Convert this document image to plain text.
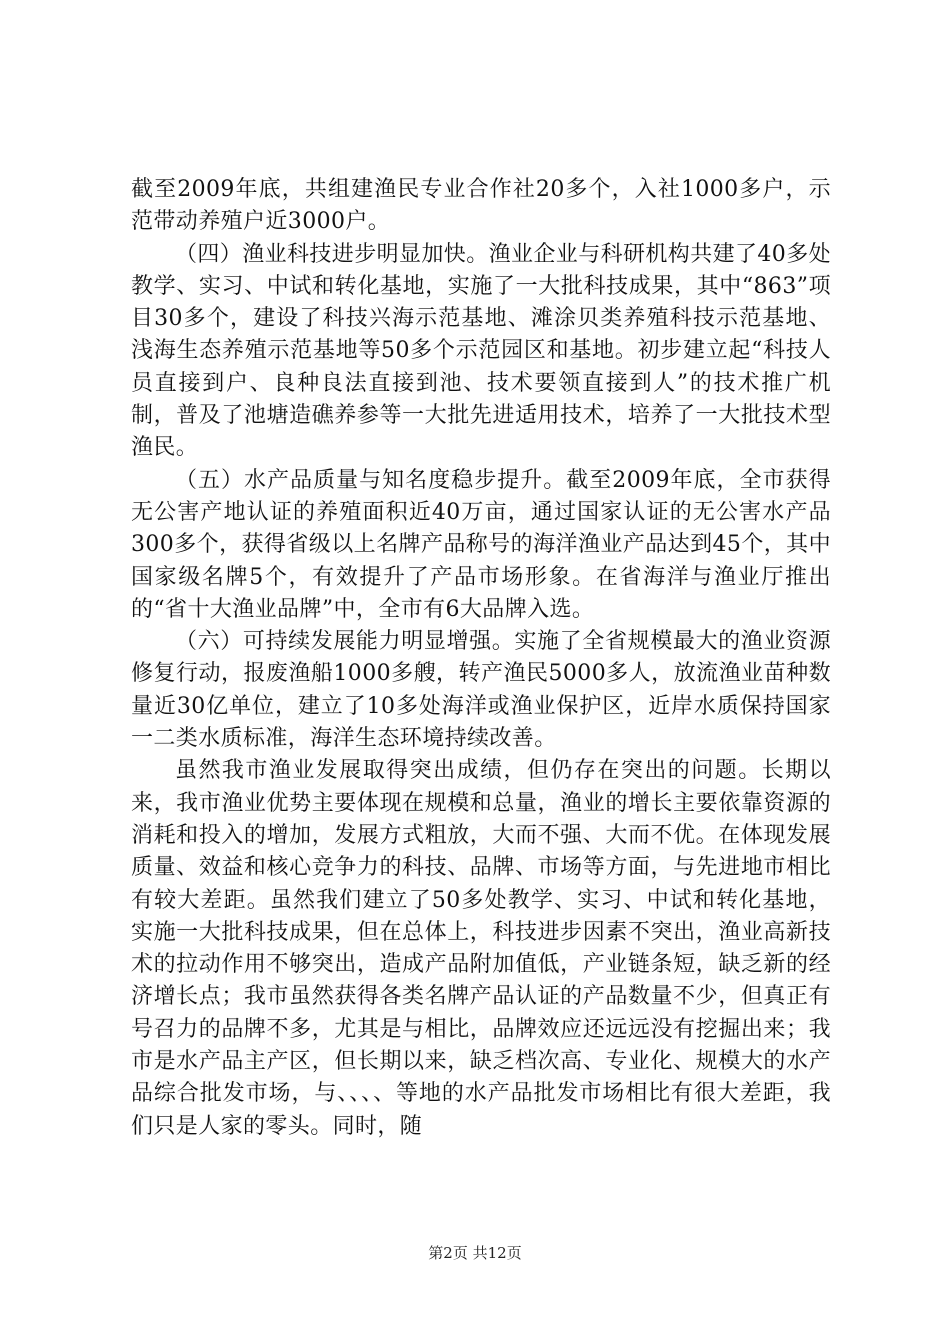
截至2009年底，共组建渔民专业合作社20多个，入社1000多户，示范带动养殖户近3000户。

（四）渔业科技进步明显加快。渔业企业与科研机构共建了40多处教学、实习、中试和转化基地，实施了一大批科技成果，其中“863”项目30多个，建设了科技兴海示范基地、滩涂贝类养殖科技示范基地、浅海生态养殖示范基地等50多个示范园区和基地。初步建立起“科技人员直接到户、良种良法直接到池、技术要领直接到人”的技术推广机制，普及了池塘造礁养参等一大批先进适用技术，培养了一大批技术型渔民。

（五）水产品质量与知名度稳步提升。截至2009年底，全市获得无公害产地认证的养殖面积近40万亩，通过国家认证的无公害水产品300多个，获得省级以上名牌产品称号的海洋渔业产品达到45个，其中国家级名牌5个，有效提升了产品市场形象。在省海洋与渔业厅推出的“省十大渔业品牌”中，全市有6大品牌入选。

（六）可持续发展能力明显增强。实施了全省规模最大的渔业资源修复行动，报废渔船1000多艘，转产渔民5000多人，放流渔业苗种数量近30亿单位，建立了10多处海洋或渔业保护区，近岸水质保持国家一二类水质标准，海洋生态环境持续改善。

虽然我市渔业发展取得突出成绩，但仍存在突出的问题。长期以来，我市渔业优势主要体现在规模和总量，渔业的增长主要依靠资源的消耗和投入的增加，发展方式粗放，大而不强、大而不优。在体现发展质量、效益和核心竞争力的科技、品牌、市场等方面，与先进地市相比有较大差距。虽然我们建立了50多处教学、实习、中试和转化基地，实施一大批科技成果，但在总体上，科技进步因素不突出，渔业高新技术的拉动作用不够突出，造成产品附加值低，产业链条短，缺乏新的经济增长点；我市虽然获得各类名牌产品认证的产品数量不少，但真正有号召力的品牌不多，尤其是与相比，品牌效应还远远没有挖掘出来；我市是水产品主产区，但长期以来，缺乏档次高、专业化、规模大的水产品综合批发市场，与、、、、等地的水产品批发市场相比有很大差距，我们只是人家的零头。同时，随

第2页 共12页
